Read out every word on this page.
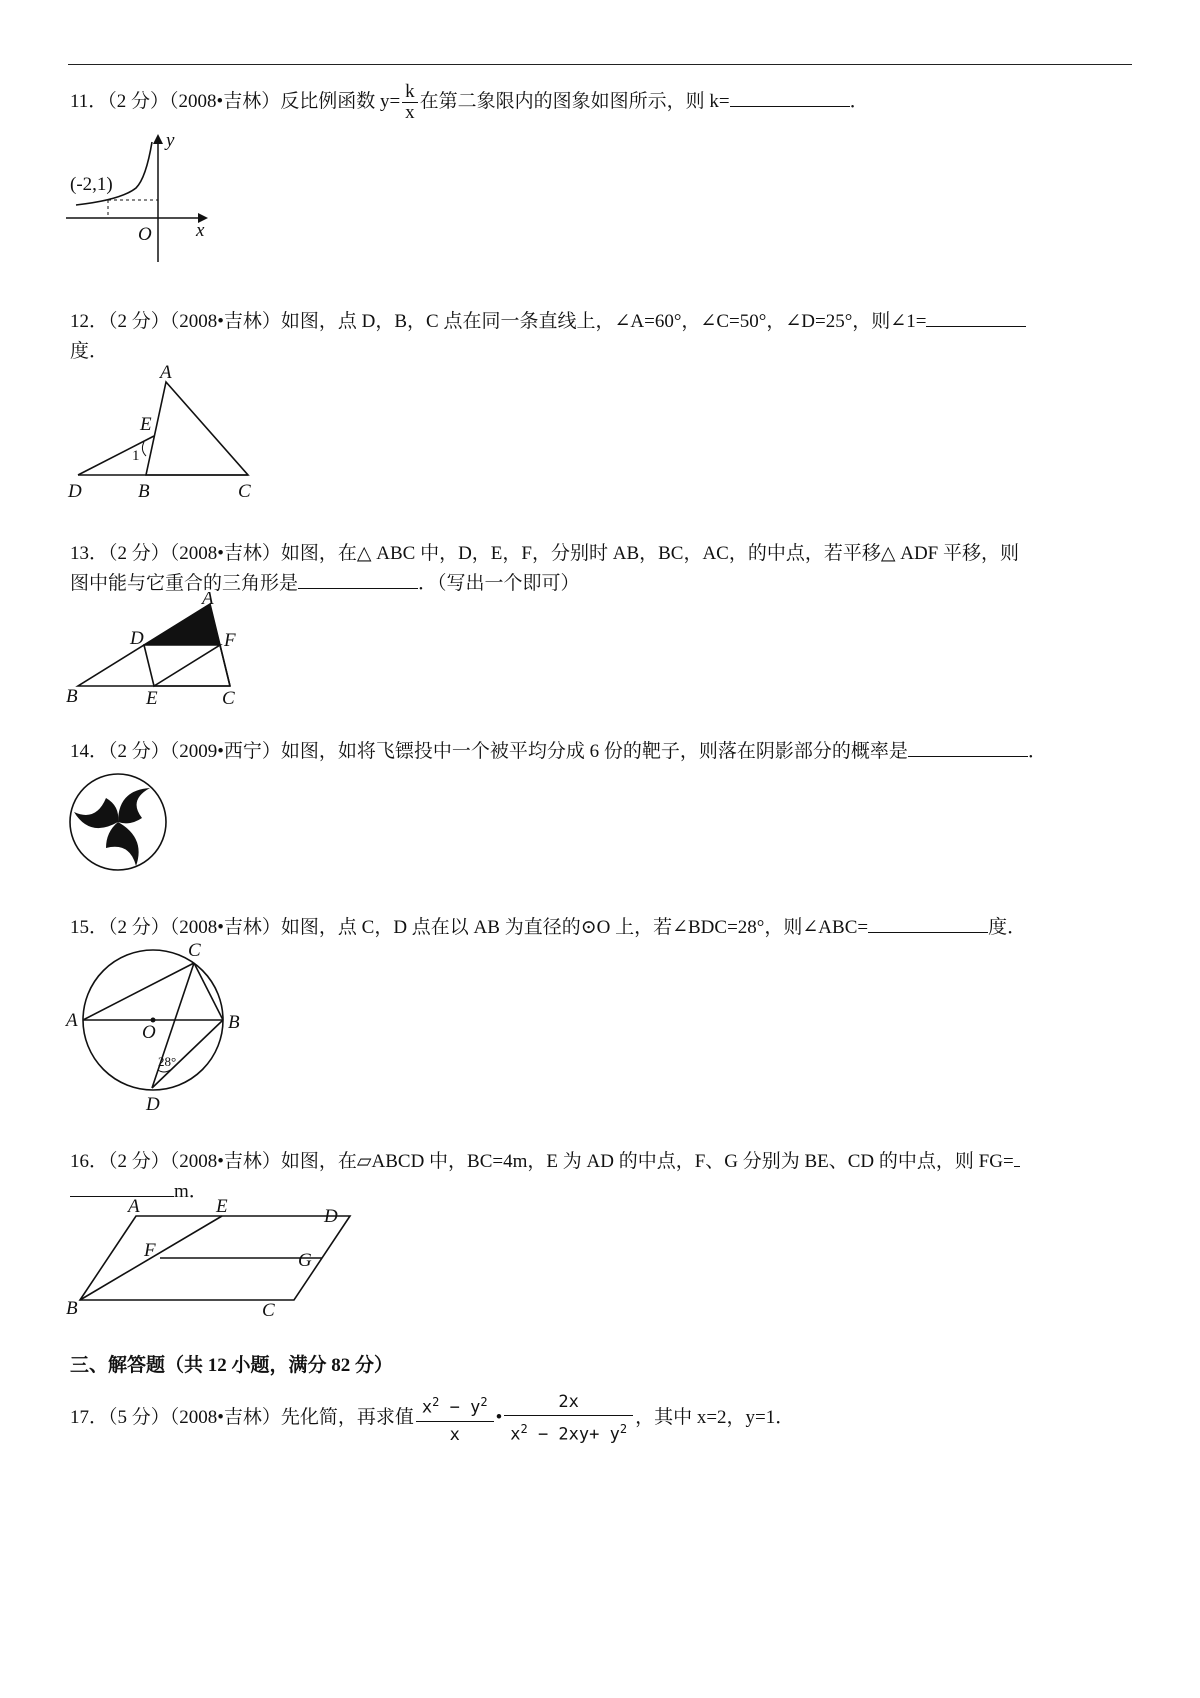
11．（2 分）（2008•吉林）反比例函数 $y= \frac{k}{x}$ 在第二象限内的图象如图所示，则 k=	．
(-2,1)
y
x
O
12．（2 分）（2008•吉林）如图，点 D，B，C 点在同一条直线上，∠A=60°，∠C=50°，∠D=25°，则∠1=
度．
A
E
1
D	B	C
13．（2 分）（2008•吉林）如图，在△ ABC 中，D，E，F，分别时 AB，BC，AC，的中点，若平移△ ADF 平移，则
图中能与它重合的三角形是	．（写出一个即可）
A
D	F
B	E	C
14．（2 分）（2009•西宁）如图，如将飞镖投中一个被平均分成 6 份的靶子，则落在阴影部分的概率是	．
15．（2 分）（2008•吉林）如图，点 C，D 点在以 AB 为直径的⊙O 上，若∠BDC=28°，则∠ABC=	度．
C
A	B
O
28°
D
16．（2 分）（2008•吉林）如图，在▱ABCD 中，BC=4m，E 为 AD 的中点，F、G 分别为 BE、CD 的中点，则 FG=
m．
A	E	D
F	G
B	C
三、解答题（共 12 小题，满分 82 分）
17．（5 分）（2008•吉林）先化简，再求值 $\frac{x^2 - y^2}{x}$ • $\frac{2x}{x^2 - 2xy+ y^2}$ ，其中 x=2，y=1．
